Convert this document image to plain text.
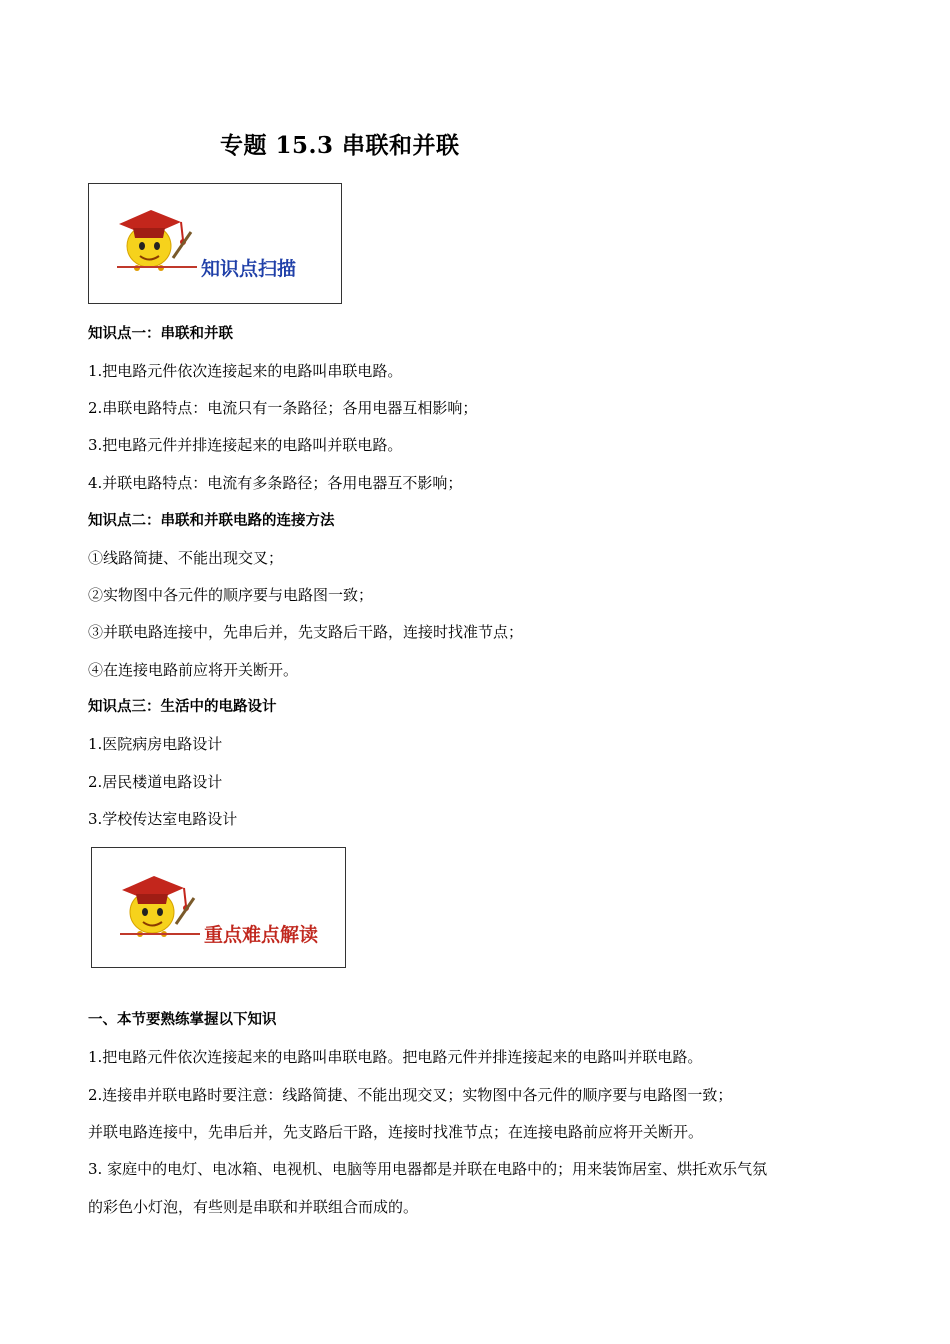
专题 15.3 串联和并联
知识点扫描
知识点一：串联和并联
1.把电路元件依次连接起来的电路叫串联电路。
2.串联电路特点：电流只有一条路径；各用电器互相影响；
3.把电路元件并排连接起来的电路叫并联电路。
4.并联电路特点：电流有多条路径；各用电器互不影响；
知识点二：串联和并联电路的连接方法
①线路简捷、不能出现交叉；
②实物图中各元件的顺序要与电路图一致；
③并联电路连接中，先串后并，先支路后干路，连接时找准节点；
④在连接电路前应将开关断开。
知识点三：生活中的电路设计
1.医院病房电路设计
2.居民楼道电路设计
3.学校传达室电路设计
重点难点解读
一、本节要熟练掌握以下知识
1.把电路元件依次连接起来的电路叫串联电路。把电路元件并排连接起来的电路叫并联电路。
2.连接串并联电路时要注意：线路简捷、不能出现交叉；实物图中各元件的顺序要与电路图一致；
并联电路连接中，先串后并，先支路后干路，连接时找准节点；在连接电路前应将开关断开。
3. 家庭中的电灯、电冰箱、电视机、电脑等用电器都是并联在电路中的；用来装饰居室、烘托欢乐气氛
的彩色小灯泡，有些则是串联和并联组合而成的。
